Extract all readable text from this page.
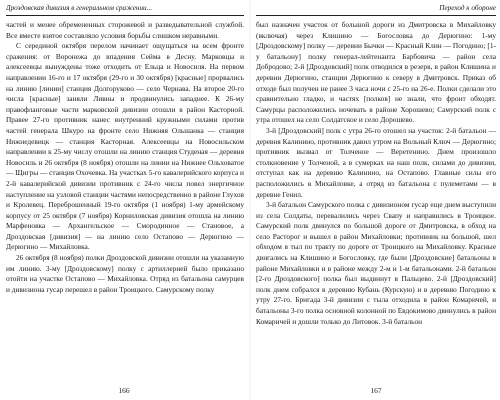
Дроздовская дивизия в генеральном сражении...

частей и менее обремененных сторожевой и разведывательной службой. Все вместе взятое составляло условия борьбы слишком неравными.

С серединой октября перелом начинает ощущаться на всем фронте сражения: от Воронежа до впадения Сейма в Десну. Марковцы и алексеевцы вынуждены тоже отходить от Ельца и Новосиля. На первом направлении 16-го и 17 октября (29-го и 30 октября) [красные] прорвались на линию [линии] станция Долгоруково — село Чернава. На второе 20-го числа [красные] заняли Ливны и продвинулись западнее. К 26-му правофланговые части марковской дивизии отошли в район Касторной. Правее 27-го противник нанес внутренний кружными силами против частей генерала Шкуро на фронте село Нижняя Ольшанка — станция Нижнедевицк — станция Касторная. Алексеевцы на Новосильском направлении к 25-му числу отошли на линию станция Студеная — деревня Новосиль и 26 октября (8 ноября) отошли на линии на Нижнее Ольховатое — Щигры — станция Охочевка. На участках 5-го кавалерийского корпуса и 2-й кавалерийской дивизии противник с 24-го числа повел энергичное наступление на узловой станции частями непосредственно в районе Глухов и Кролевец. Переброшенный 19-го октября (1 ноября) 1-му армейскому корпусу от 25 октября (7 ноября) Корниловская дивизия отошла на линию Марфеновка — Архангельское — Смородинное — Становое, а Дроздовская [дивизия] — на линию село Остапово — Дерюгино — Дерюгино — Михайловка.

26 октября (8 ноября) полки Дроздовской дивизии отошли на указанную им линию. 3-му [Дроздовскому] полку с артиллерией было приказано отойти на участке Остапово — Михайловка. Отряд из батальона самурцев и дивизиона гусар перешел в район Троицкого. Самурскому полку

166
Переход к обороне

был назначен участок от большой дороги из Дмитровска в Михайловку (включая) через Клишино — Богословка до Дерюгино: 1-му [Дроздовскому] полку — деревни Бычки — Красный Клин — Погодино; [1-у батальону] полку генерал-лейтенанта Барбовича — район села Добродово; 2-й [Дроздовский] полк отводился в резерв, в район Клишина и деревни Дерюгино, станции Дерюгино к северу в Дмитровск. Приказ об отходе был получен не ранее 3 часа ночи с 25-го на 26-е. Полки сделали это сравнительно гладко, и частях [полков] не знали, что фронт обходят. Самурцы расположились ночевать в районе Хорошево; Самурский полк с утра отошел на село Солдатское и село Дорошево.

3-й [Дроздовский] полк с утра 26-го отошел на участок: 2-й батальон — деревня Калинино, противник давил утром на Вольный Ключ — Дерюгино; противник вызвал от Толченое — Веретенино. Днем произошло столкновение у Толченой, а в сумерках на наш полк, силами до дивизии, отступал как на деревню Калинино, на Остапово. Главные силы его расположились в Михайловке, а отряд из батальона с пулеметами — в деревне Генил.

3-й батальон Самурского полка с дивизионом гусар еще днем выступили из села Солдаты, перевалились через Свапу и направились в Троицкое. Самурский полк двинулся по большой дороге от Дмитровска, в обход на село Расторог и вышел в район Михайловки; противник на большой, шел обходом в тыл по тракту по дороге от Троицкого на Михайловку. Красные двигались на Клишино и Богословку, где были [Дроздовские] батальоны в районе Михайловки и в районе между 2-м и 1-м батальонами. 2-й батальон [2-го Дроздовского] полка был выдвинут в Пальцево. 2-й [Дроздовский] полк днем собрался в деревню Кубань (Курскую) и в деревню Погодино к утру 27-го. Бригада 3-й дивизии с тыла отходила в район Комаричей, и батальоны 3-го полка основной колонной по Евдокимово двинулись в район Комаричей и дошли только до Литовок. 3-й батальон

167
